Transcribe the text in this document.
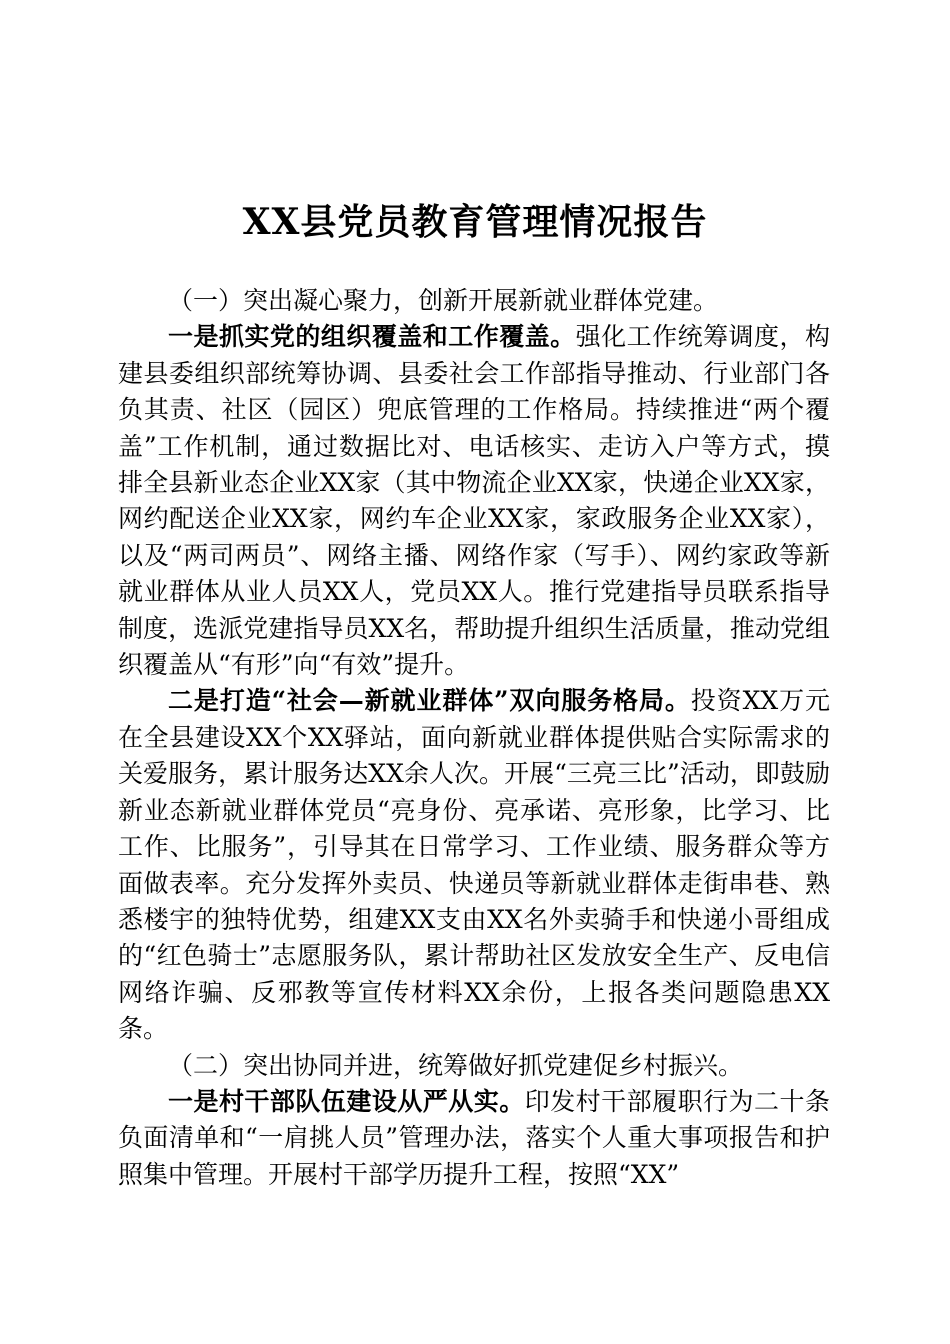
XX县党员教育管理情况报告

（一）突出凝心聚力，创新开展新就业群体党建。

一是抓实党的组织覆盖和工作覆盖。强化工作统筹调度，构建县委组织部统筹协调、县委社会工作部指导推动、行业部门各负其责、社区（园区）兜底管理的工作格局。持续推进“两个覆盖”工作机制，通过数据比对、电话核实、走访入户等方式，摸排全县新业态企业XX家（其中物流企业XX家，快递企业XX家，网约配送企业XX家，网约车企业XX家，家政服务企业XX家），以及“两司两员”、网络主播、网络作家（写手）、网约家政等新就业群体从业人员XX人，党员XX人。推行党建指导员联系指导制度，选派党建指导员XX名，帮助提升组织生活质量，推动党组织覆盖从“有形”向“有效”提升。

二是打造“社会—新就业群体”双向服务格局。投资XX万元在全县建设XX个XX驿站，面向新就业群体提供贴合实际需求的关爱服务，累计服务达XX余人次。开展“三亮三比”活动，即鼓励新业态新就业群体党员“亮身份、亮承诺、亮形象，比学习、比工作、比服务”，引导其在日常学习、工作业绩、服务群众等方面做表率。充分发挥外卖员、快递员等新就业群体走街串巷、熟悉楼宇的独特优势，组建XX支由XX名外卖骑手和快递小哥组成的“红色骑士”志愿服务队，累计帮助社区发放安全生产、反电信网络诈骗、反邪教等宣传材料XX余份，上报各类问题隐患XX条。

（二）突出协同并进，统筹做好抓党建促乡村振兴。

一是村干部队伍建设从严从实。印发村干部履职行为二十条负面清单和“一肩挑人员”管理办法，落实个人重大事项报告和护照集中管理。开展村干部学历提升工程，按照“XX”
